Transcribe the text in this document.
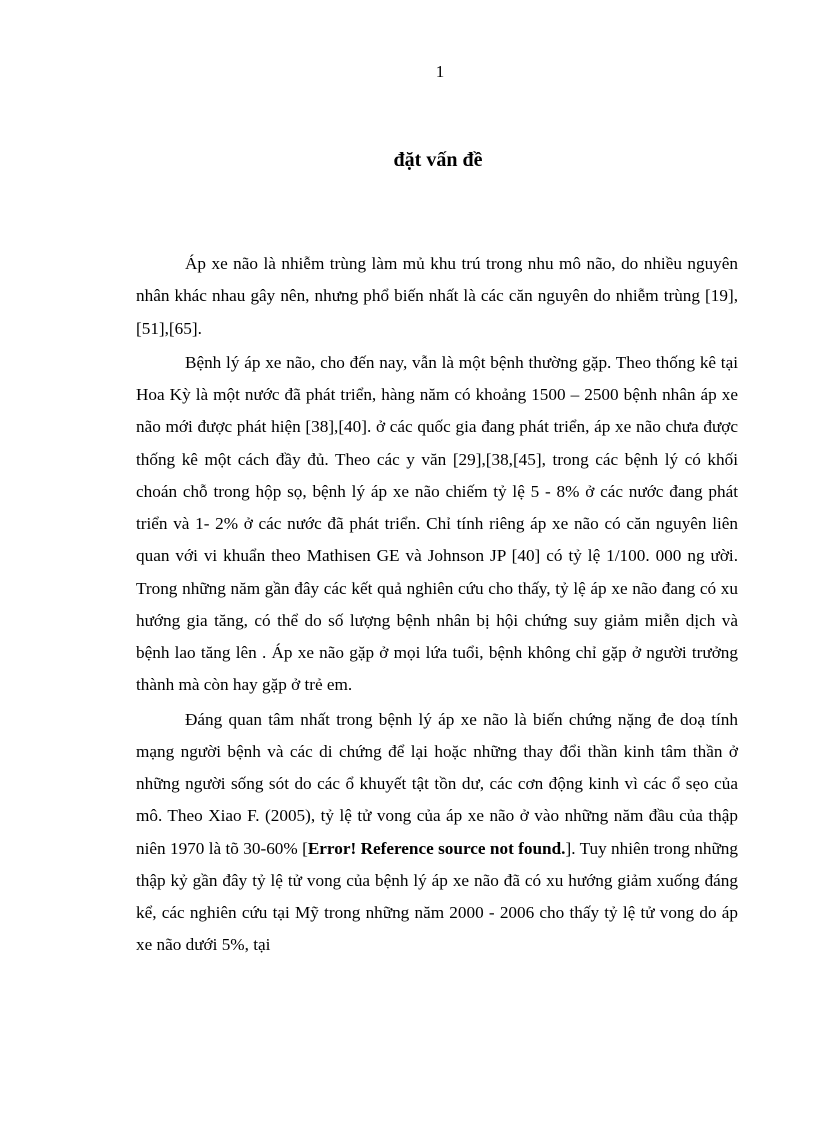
1
đặt vấn đề

Áp xe não là nhiễm trùng làm mủ khu trú trong nhu mô não, do nhiều nguyên nhân khác nhau gây nên, nhưng phổ biến nhất là các căn nguyên do nhiễm trùng [19],[51],[65].

Bệnh lý áp xe não, cho đến nay, vẫn là một bệnh thường gặp. Theo thống kê tại Hoa Kỳ là một nước đã phát triển, hàng năm có khoảng 1500 – 2500 bệnh nhân áp xe não mới được phát hiện [38],[40]. ở các quốc gia đang phát triển, áp xe não chưa được thống kê một cách đầy đủ. Theo các y văn [29],[38,[45], trong các bệnh lý có khối choán chỗ trong hộp sọ, bệnh lý áp xe não chiếm tỷ lệ 5 - 8% ở các nước đang phát triển và 1- 2% ở các nước đã phát triển. Chỉ tính riêng áp xe não có căn nguyên liên quan với vi khuẩn theo Mathisen GE và Johnson JP [40] có tỷ lệ 1/100. 000 ng ười. Trong những năm gần đây các kết quả nghiên cứu cho thấy, tỷ lệ áp xe não đang có xu hướng gia tăng, có thể do số lượng bệnh nhân bị hội chứng suy giảm miễn dịch và bệnh lao tăng lên . Áp xe não gặp ở mọi lứa tuổi, bệnh không chỉ gặp ở người trưởng thành mà còn hay gặp ở trẻ em.

Đáng quan tâm nhất trong bệnh lý áp xe não là biến chứng nặng đe doạ tính mạng người bệnh và các di chứng để lại hoặc những thay đổi thần kinh tâm thần ở những người sống sót do các ổ khuyết tật tồn dư, các cơn động kinh vì các ổ sẹo của mô. Theo Xiao F. (2005), tỷ lệ tử vong của áp xe não ở vào những năm đầu của thập niên 1970 là tõ 30-60% [Error! Reference source not found.]. Tuy nhiên trong những thập kỷ gần đây tỷ lệ tử vong của bệnh lý áp xe não đã có xu hướng giảm xuống đáng kể, các nghiên cứu tại Mỹ trong những năm 2000 - 2006 cho thấy tỷ lệ tử vong do áp xe não dưới 5%, tại
